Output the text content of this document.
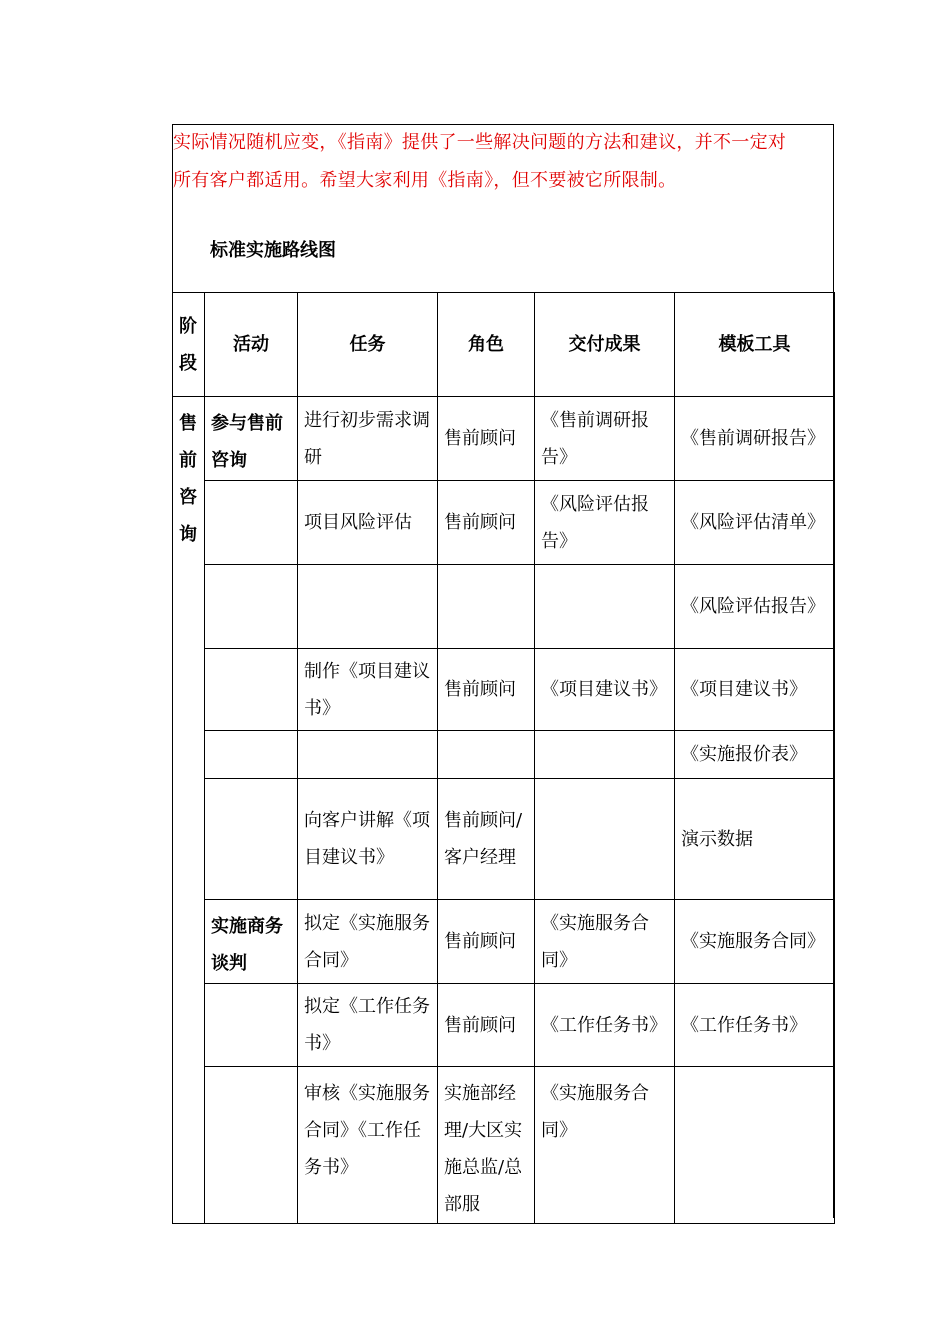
实际情况随机应变，《指南》提供了一些解决问题的方法和建议，并不一定对
所有客户都适用。希望大家利用《指南》，但不要被它所限制。
标准实施路线图
阶段	活动	任务	角色	交付成果	模板工具

售前咨询	参与售前咨询	进行初步需求调研	售前顾问	《售前调研报告》	《售前调研报告》
		项目风险评估	售前顾问	《风险评估报告》	《风险评估清单》
					《风险评估报告》
		制作《项目建议书》	售前顾问	《项目建议书》	《项目建议书》
					《实施报价表》
		向客户讲解《项目建议书》	售前顾问/客户经理		演示数据
	实施商务谈判	拟定《实施服务合同》	售前顾问	《实施服务合同》	《实施服务合同》
		拟定《工作任务书》	售前顾问	《工作任务书》	《工作任务书》
		审核《实施服务合同》《工作任务书》	实施部经理/大区实施总监/总部服	《实施服务合同》	
